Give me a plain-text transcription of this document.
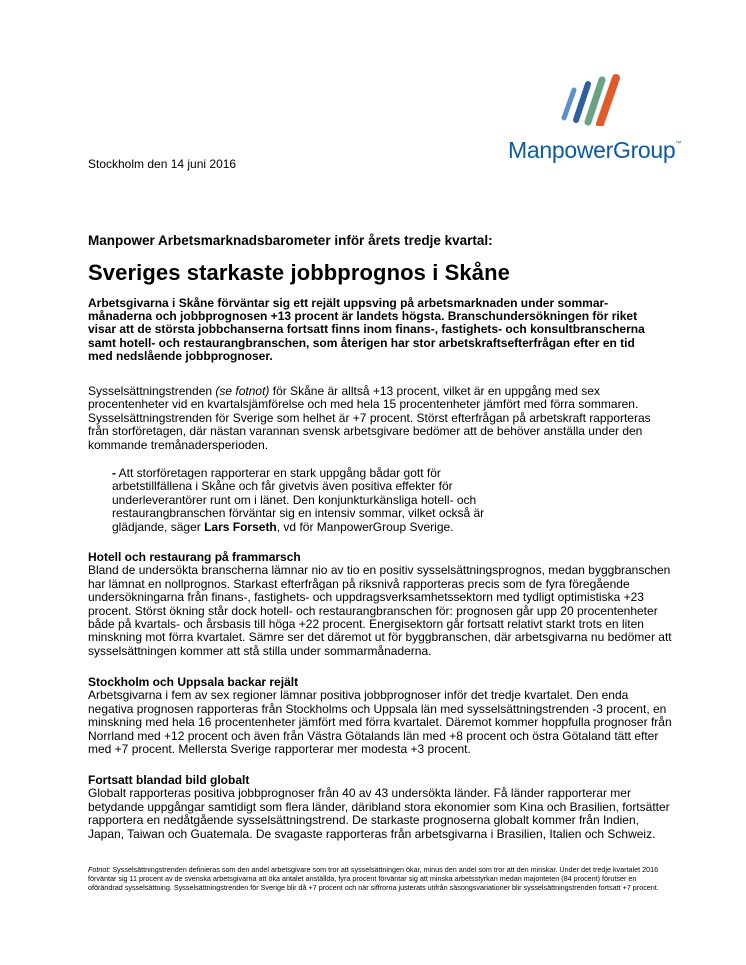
ManpowerGroup™
Stockholm den 14 juni 2016
Manpower Arbetsmarknadsbarometer inför årets tredje kvartal:
Sveriges starkaste jobbprognos i Skåne
Arbetsgivarna i Skåne förväntar sig ett rejält uppsving på arbetsmarknaden under sommarmånaderna och jobbprognosen +13 procent är landets högsta. Branschundersökningen för riket visar att de största jobbchanserna fortsatt finns inom finans-, fastighets- och konsultbranscherna samt hotell- och restaurangbranschen, som återigen har stor arbetskraftsefterfrågan efter en tid med nedslående jobbprognoser.
Sysselsättningstrenden (se fotnot) för Skåne är alltså +13 procent, vilket är en uppgång med sex procentenheter vid en kvartalsjämförelse och med hela 15 procentenheter jämfört med förra sommaren. Sysselsättningstrenden för Sverige som helhet är +7 procent. Störst efterfrågan på arbetskraft rapporteras från storföretagen, där nästan varannan svensk arbetsgivare bedömer att de behöver anställa under den kommande tremånadersperioden.
- Att storföretagen rapporterar en stark uppgång bådar gott för arbetstillfällena i Skåne och får givetvis även positiva effekter för underleverantörer runt om i länet. Den konjunkturkänsliga hotell- och restaurangbranschen förväntar sig en intensiv sommar, vilket också är glädjande, säger Lars Forseth, vd för ManpowerGroup Sverige.
Hotell och restaurang på frammarsch
Bland de undersökta branscherna lämnar nio av tio en positiv sysselsättningsprognos, medan byggbranschen har lämnat en nollprognos. Starkast efterfrågan på riksnivå rapporteras precis som de fyra föregående undersökningarna från finans-, fastighets- och uppdragsverksamhetssektorn med tydligt optimistiska +23 procent. Störst ökning står dock hotell- och restaurangbranschen för: prognosen går upp 20 procentenheter både på kvartals- och årsbasis till höga +22 procent. Energisektorn går fortsatt relativt starkt trots en liten minskning mot förra kvartalet. Sämre ser det däremot ut för byggbranschen, där arbetsgivarna nu bedömer att sysselsättningen kommer att stå stilla under sommarmånaderna.
Stockholm och Uppsala backar rejält
Arbetsgivarna i fem av sex regioner lämnar positiva jobbprognoser inför det tredje kvartalet. Den enda negativa prognosen rapporteras från Stockholms och Uppsala län med sysselsättningstrenden -3 procent, en minskning med hela 16 procentenheter jämfört med förra kvartalet. Däremot kommer hoppfulla prognoser från Norrland med +12 procent och även från Västra Götalands län med +8 procent och östra Götaland tätt efter med +7 procent. Mellersta Sverige rapporterar mer modesta +3 procent.
Fortsatt blandad bild globalt
Globalt rapporteras positiva jobbprognoser från 40 av 43 undersökta länder. Få länder rapporterar mer betydande uppgångar samtidigt som flera länder, däribland stora ekonomier som Kina och Brasilien, fortsätter rapportera en nedåtgående sysselsättningstrend. De starkaste prognoserna globalt kommer från Indien, Japan, Taiwan och Guatemala. De svagaste rapporteras från arbetsgivarna i Brasilien, Italien och Schweiz.
Fotnot: Sysselsättningstrenden definieras som den andel arbetsgivare som tror att sysselsättningen ökar, minus den andel som tror att den minskar. Under det tredje kvartalet 2016 förväntar sig 11 procent av de svenska arbetsgivarna att öka antalet anställda, fyra procent förväntar sig att minska arbetsstyrkan medan majoriteten (84 procent) förutser en oförändrad sysselsättning. Sysselsättningstrenden för Sverige blir då +7 procent och när siffrorna justerats utifrån säsongsvariationer blir sysselsättningstrenden fortsatt +7 procent.
